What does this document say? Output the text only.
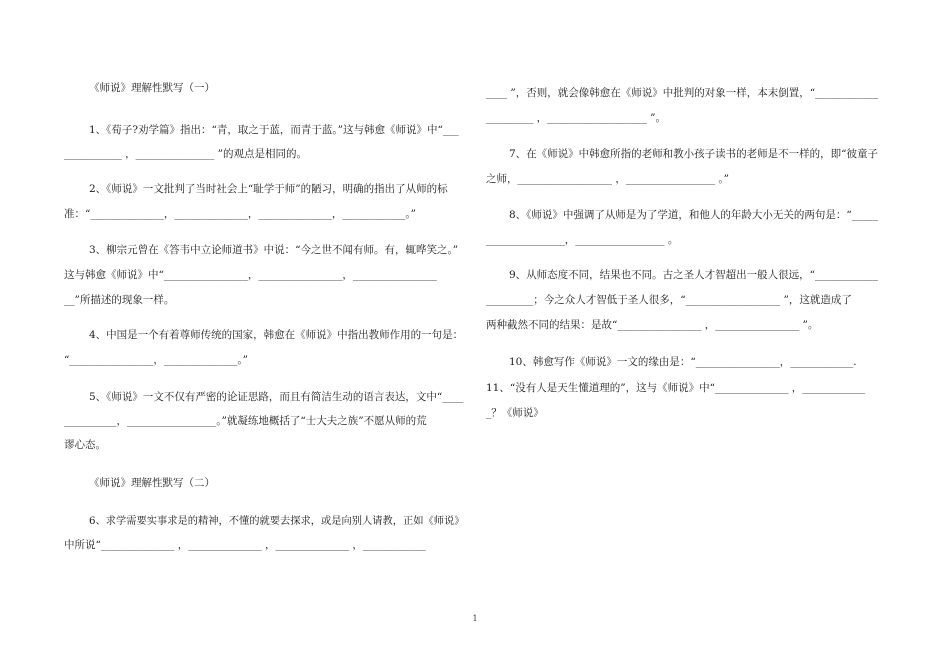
《师说》理解性默写（一）
1、《荀子?劝学篇》指出：“青，取之于蓝，而青于蓝。”这与韩愈《师说》中“___
___________ ，_______________ ”的观点是相同的。
2、《师说》一文批判了当时社会上“耻学于师”的陋习，明确的指出了从师的标
准：“______________，______________，______________，____________。”
3、柳宗元曾在《答韦中立论师道书》中说：“今之世不闻有师。有，辄哗笑之。”
这与韩愈《师说》中“________________，________________，________________
__”所描述的现象一样。
4、中国是一个有着尊师传统的国家，韩愈在《师说》中指出教师作用的一句是：
“________________，______________。”
5、《师说》一文不仅有严密的论证思路，而且有简洁生动的语言表达，文中“____
__________，_________________。”就凝练地概括了“士大夫之族”不愿从师的荒
谬心态。
《师说》理解性默写（二）
6、求学需要实事求是的精神，不懂的就要去探求，或是向别人请教，正如《师说》
中所说“______________ ，______________ ，______________ ，____________
____ ”，否则，就会像韩愈在《师说》中批判的对象一样，本末倒置，“____________
_________ ，___________________ ”。
7、在《师说》中韩愈所指的老师和教小孩子读书的老师是不一样的，即“彼童子
之师，__________________ ，_________________ 。”
8、《师说》中强调了从师是为了学道，和他人的年龄大小无关的两句是：“_____
_______________，_________________ 。
9、从师态度不同，结果也不同。古之圣人才智超出一般人很远，“____________
_________；今之众人才智低于圣人很多，“__________________ ”，这就造成了
两种截然不同的结果：是故“________________ ，________________ ”。
10、韩愈写作《师说》一文的缘由是：“________________，____________.
11、“没有人是天生懂道理的”，这与《师说》中“______________ ，____________
_？《师说》
1
